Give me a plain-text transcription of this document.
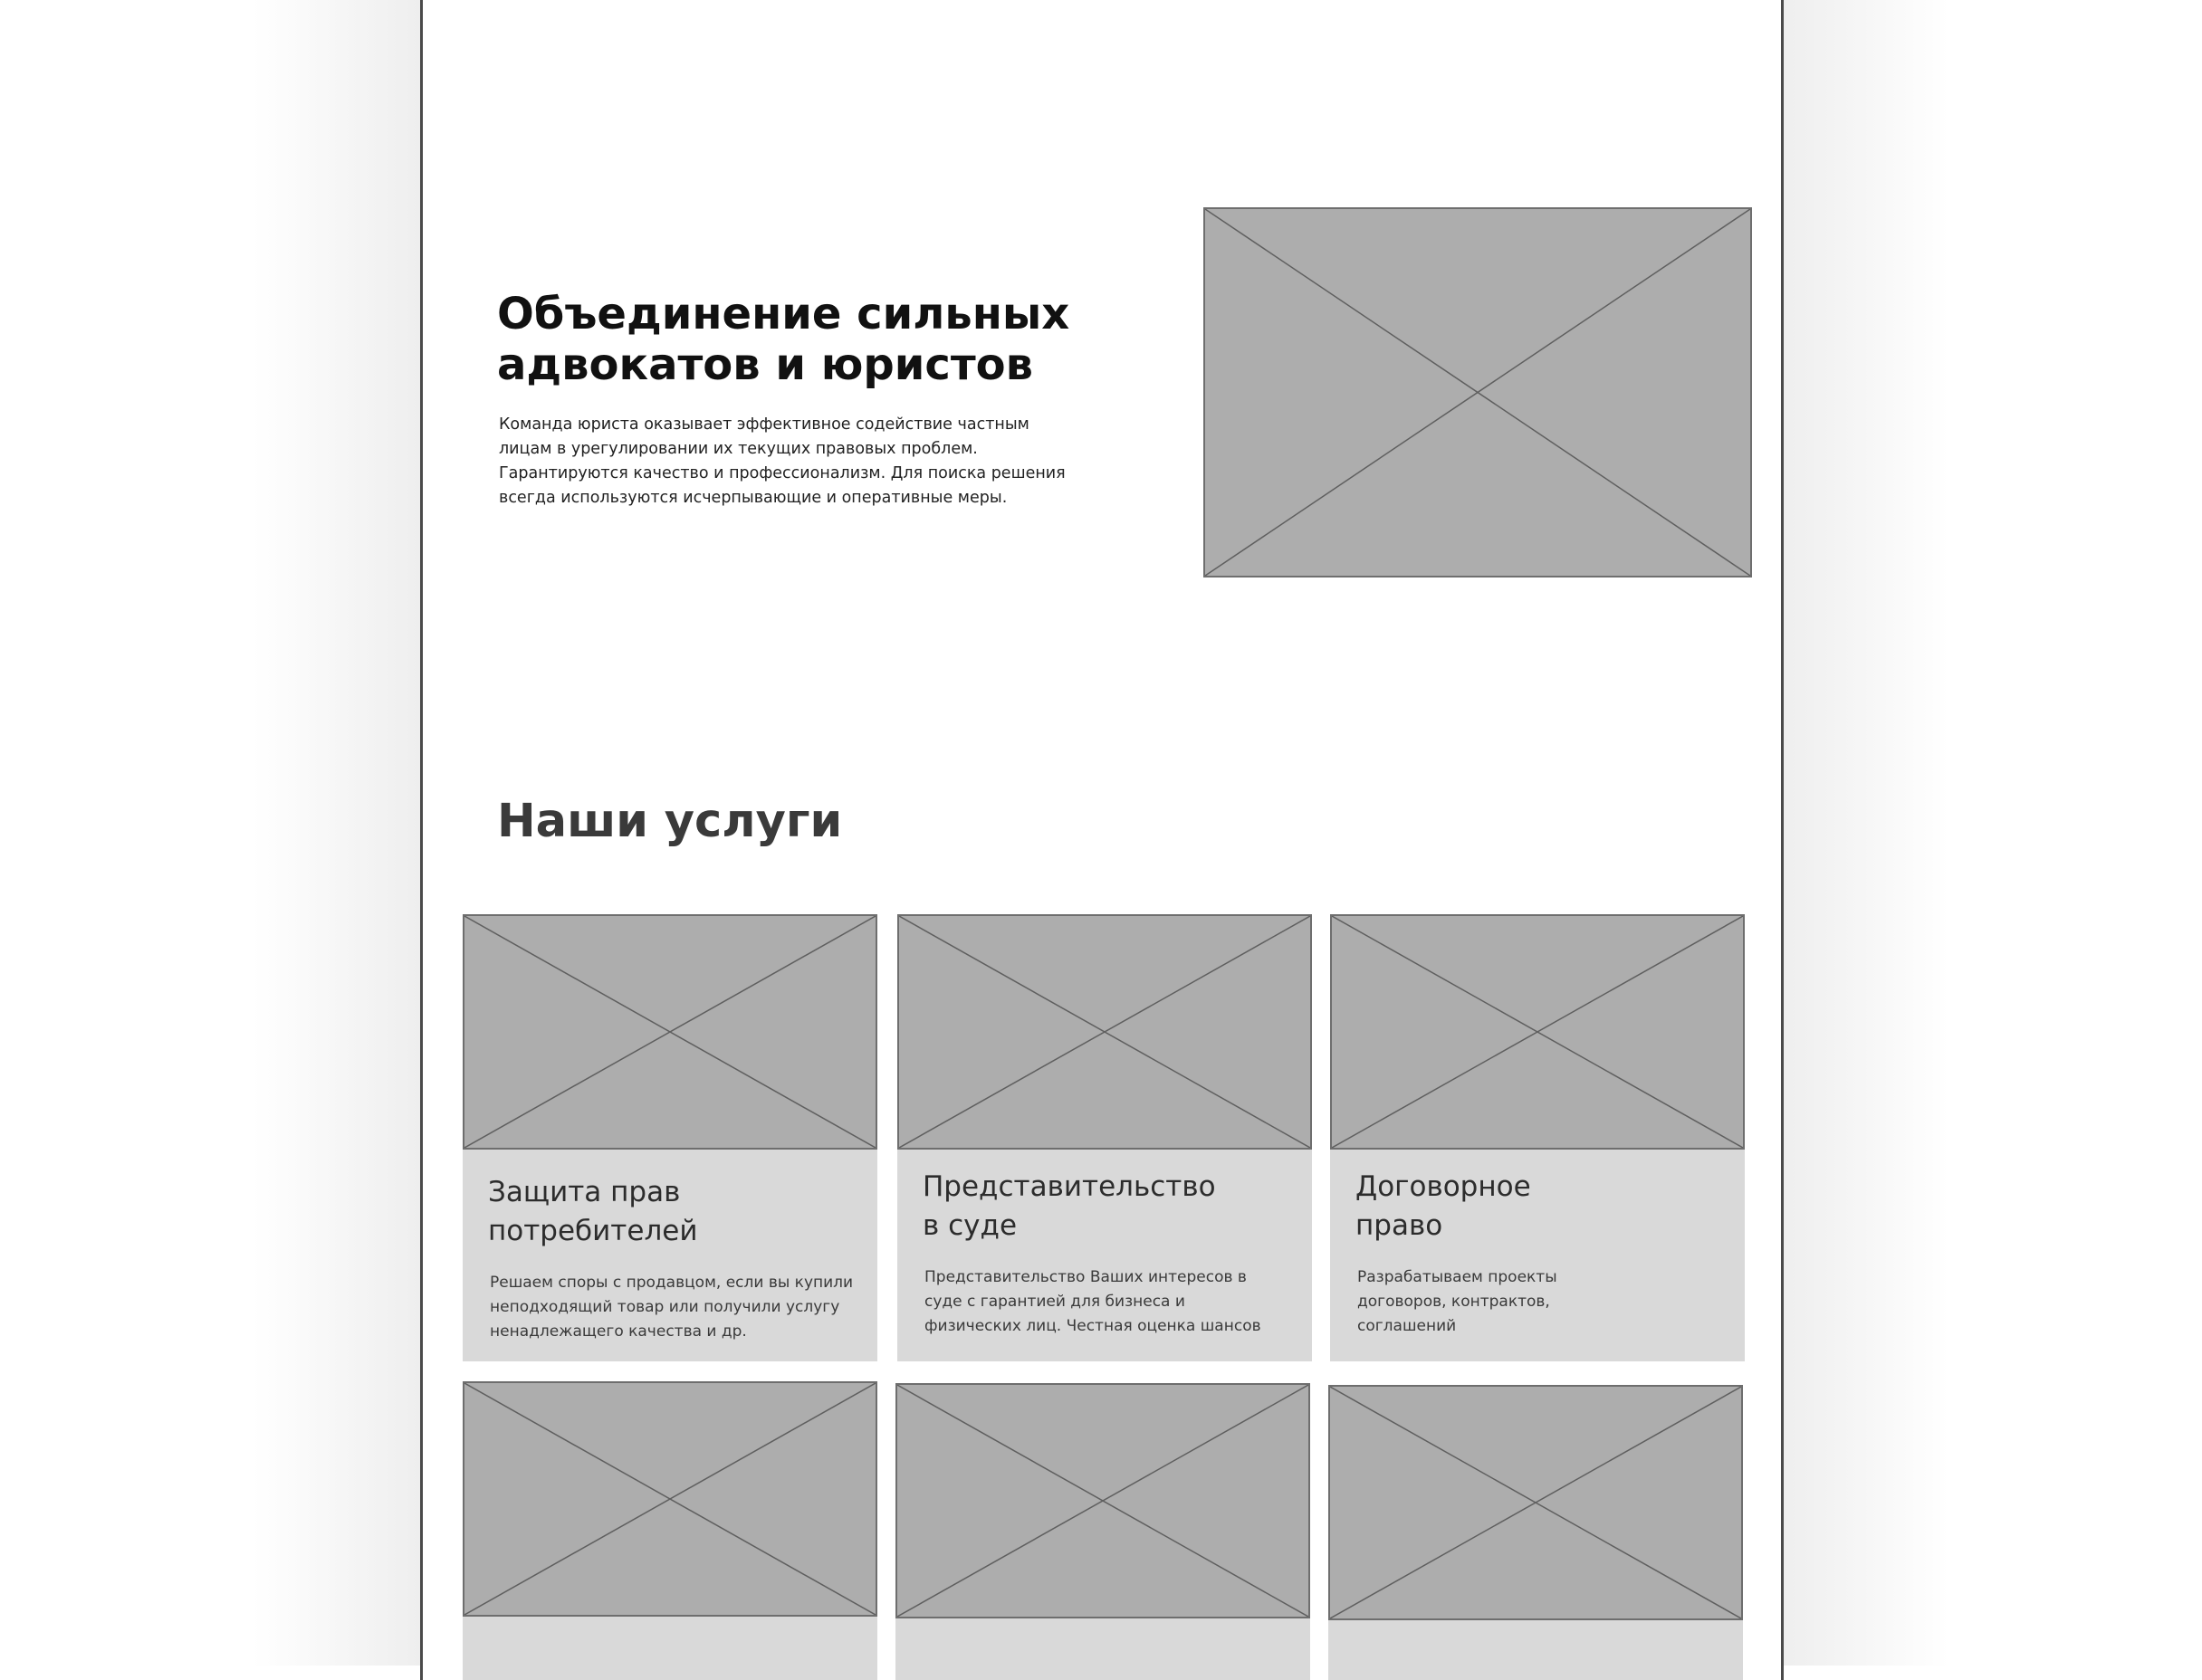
Объединение сильных
адвокатов и юристов

Команда юриста оказывает эффективное содействие частным
лицам в урегулировании их текущих правовых проблем.
Гарантируются качество и профессионализм. Для поиска решения
всегда используются исчерпывающие и оперативные меры.

Наши услуги
Защита прав
потребителей

Решаем споры с продавцом, если вы купили
неподходящий товар или получили услугу
ненадлежащего качества и др.

Представительство
в суде

Представительство Ваших интересов в
суде с гарантией для бизнеса и
физических лиц. Честная оценка шансов

Договорное
право

Разрабатываем проекты
договоров, контрактов,
соглашений
